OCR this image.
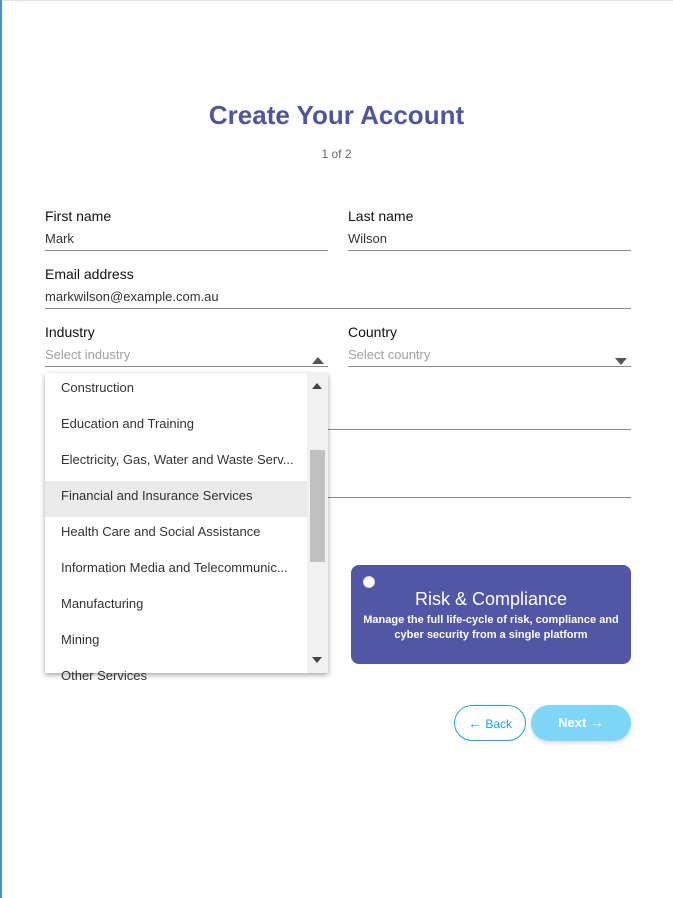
Create Your Account
1 of 2
First name
Mark
Last name
Wilson
Email address
markwilson@example.com.au
Industry
Select industry
Country
Select country
Construction
Education and Training
Electricity, Gas, Water and Waste Serv...
Financial and Insurance Services
Health Care and Social Assistance
Information Media and Telecommunic...
Manufacturing
Mining
Other Services
Risk & Compliance
Manage the full life-cycle of risk, compliance and cyber security from a single platform
← Back	Next →
